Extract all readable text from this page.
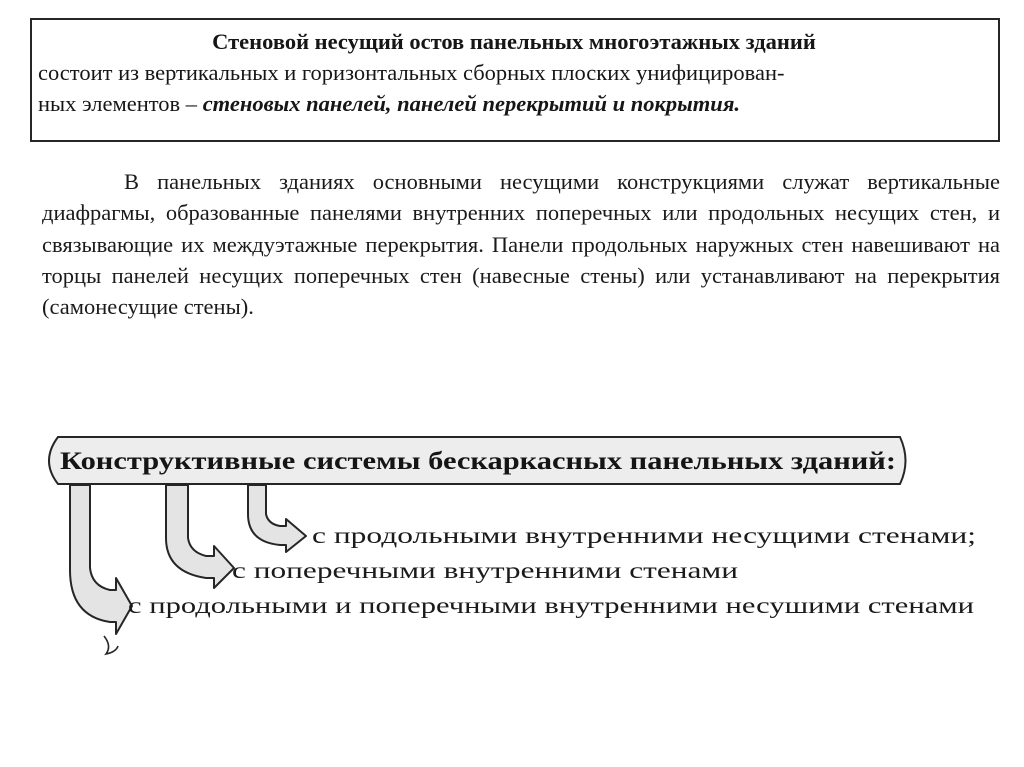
Стеновой несущий остов панельных многоэтажных зданий
состоит из вертикальных и горизонтальных сборных плоских унифицирован-
ных элементов – стеновых панелей, панелей перекрытий и покрытия.
В панельных зданиях основными несущими конструкциями служат вертикальные диафрагмы, образованные панелями внутренних поперечных или продольных несущих стен, и связывающие их междуэтажные перекрытия. Панели продольных наружных стен навешивают на торцы панелей несущих поперечных стен (навесные стены) или устанавливают на перекрытия (самонесущие стены).
Конструктивные системы бескаркасных панельных зданий:
с продольными внутренними несущими стенами;
с поперечными внутренними стенами
с продольными и поперечными внутренними несушими стенами
